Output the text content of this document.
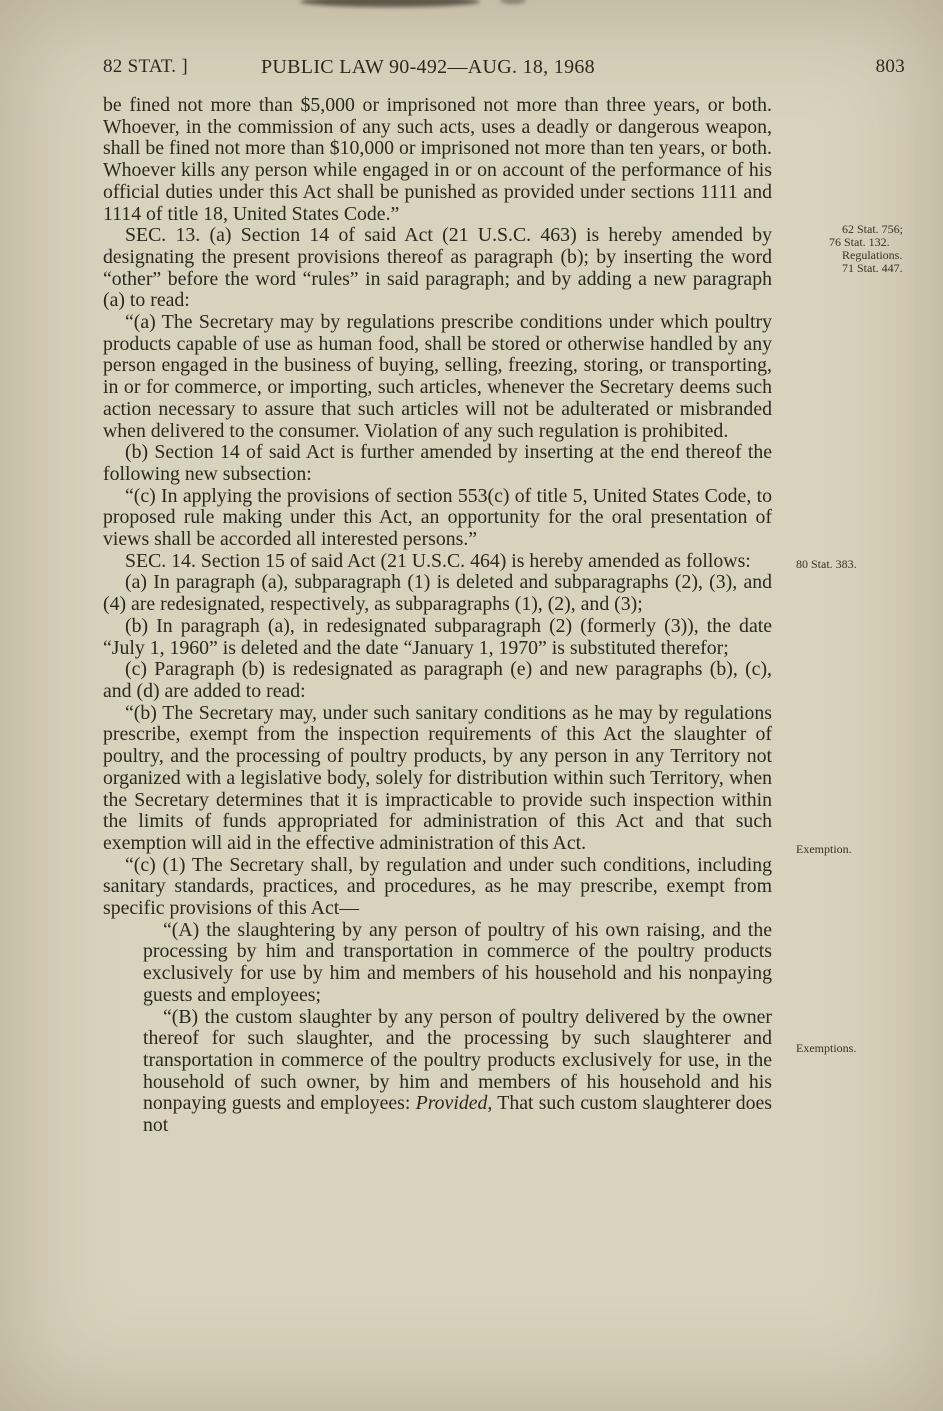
82 STAT. ]	PUBLIC LAW 90-492—AUG. 18, 1968	803

be fined not more than $5,000 or imprisoned not more than three years, or both. Whoever, in the commission of any such acts, uses a deadly or dangerous weapon, shall be fined not more than $10,000 or imprisoned not more than ten years, or both. Whoever kills any person while engaged in or on account of the performance of his official duties under this Act shall be punished as provided under sections 1111 and 1114 of title 18, United States Code.”

SEC. 13. (a) Section 14 of said Act (21 U.S.C. 463) is hereby amended by designating the present provisions thereof as paragraph (b); by inserting the word “other” before the word “rules” in said paragraph; and by adding a new paragraph (a) to read:

“(a) The Secretary may by regulations prescribe conditions under which poultry products capable of use as human food, shall be stored or otherwise handled by any person engaged in the business of buying, selling, freezing, storing, or transporting, in or for commerce, or importing, such articles, whenever the Secretary deems such action necessary to assure that such articles will not be adulterated or misbranded when delivered to the consumer. Violation of any such regulation is prohibited.

(b) Section 14 of said Act is further amended by inserting at the end thereof the following new subsection:

“(c) In applying the provisions of section 553(c) of title 5, United States Code, to proposed rule making under this Act, an opportunity for the oral presentation of views shall be accorded all interested persons.”

SEC. 14. Section 15 of said Act (21 U.S.C. 464) is hereby amended as follows:

(a) In paragraph (a), subparagraph (1) is deleted and subparagraphs (2), (3), and (4) are redesignated, respectively, as subparagraphs (1), (2), and (3);

(b) In paragraph (a), in redesignated subparagraph (2) (formerly (3)), the date “July 1, 1960” is deleted and the date “January 1, 1970” is substituted therefor;

(c) Paragraph (b) is redesignated as paragraph (e) and new paragraphs (b), (c), and (d) are added to read:

“(b) The Secretary may, under such sanitary conditions as he may by regulations prescribe, exempt from the inspection requirements of this Act the slaughter of poultry, and the processing of poultry products, by any person in any Territory not organized with a legislative body, solely for distribution within such Territory, when the Secretary determines that it is impracticable to provide such inspection within the limits of funds appropriated for administration of this Act and that such exemption will aid in the effective administration of this Act.

“(c) (1) The Secretary shall, by regulation and under such conditions, including sanitary standards, practices, and procedures, as he may prescribe, exempt from specific provisions of this Act—

“(A) the slaughtering by any person of poultry of his own raising, and the processing by him and transportation in commerce of the poultry products exclusively for use by him and members of his household and his nonpaying guests and employees;

“(B) the custom slaughter by any person of poultry delivered by the owner thereof for such slaughter, and the processing by such slaughterer and transportation in commerce of the poultry products exclusively for use, in the household of such owner, by him and members of his household and his nonpaying guests and employees: Provided, That such custom slaughterer does not

62 Stat. 756;
76 Stat. 132.
Regulations.
71 Stat. 447.
80 Stat. 383.
Exemption.
Exemptions.
